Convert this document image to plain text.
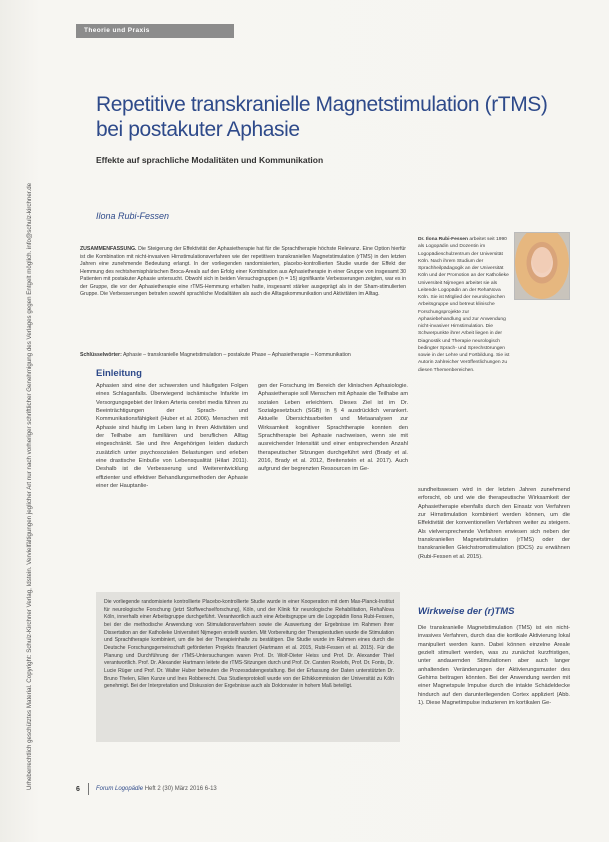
Urheberrechtlich geschütztes Material. Copyright: Schulz-Kirchner Verlag, Idstein. Vervielfältigungen jeglicher Art nur nach vorheriger schriftlicher Genehmigung des Verlages gegen Entgelt möglich. info@schulz-kirchner.de
Theorie und Praxis
Repetitive transkranielle Magnetstimulation (rTMS) bei postakuter Aphasie
Effekte auf sprachliche Modalitäten und Kommunikation
Ilona Rubi-Fessen
ZUSAMMENFASSUNG. Die Steigerung der Effektivität der Aphasietherapie hat für die Sprachtherapie höchste Relevanz. Eine Option hierfür ist die Kombination mit nicht-invasiven Hirnstimulationsverfahren wie der repetitiven transkraniellen Magnetstimulation (rTMS) in den letzten Jahren eine zunehmende Bedeutung erlangt. In der vorliegenden randomisierten, placebo-kontrollierten Studie wurde der Effekt der Hemmung des rechtshemisphärischen Broca-Areals auf den Erfolg einer Kombination aus Aphasietherapie in einer Gruppe von insgesamt 30 Patienten mit postakuter Aphasie untersucht. Obwohl sich in beiden Versuchsgruppen (n = 15) signifikante Verbesserungen zeigten, war es in der Gruppe, die vor der Aphasietherapie eine rTMS-Hemmung erhalten hatte, insgesamt stärker ausgeprägt als in der Sham-stimulierten Gruppe. Die Verbesserungen betrafen sowohl sprachliche Modalitäten als auch die Alltagskommunikation und Aktivitäten im Alltag.
Schlüsselwörter: Aphasie – transkranielle Magnetstimulation – postakute Phase – Aphasietherapie – Kommunikation
Dr. Ilona Rubi-Fessen arbeitet seit 1990 als Logopädin und Dozentin im Logopädieschulzentrum der Universität Köln. Nach ihrem Studium der Sprachheilpädagogik an der Universität Köln und der Promotion an der Katholieke Universiteit Nijmegen arbeitet sie als Leitende Logopädin an der RehaNova Köln. Sie ist Mitglied der neurologischen Arbeitsgruppe und betreut klinische Forschungsprojekte zur Aphasiebehandlung und zur Anwendung nicht-invasiver Hirnstimulation. Die Schwerpunkte ihrer Arbeit liegen in der Diagnostik und Therapie neurologisch bedingter Sprach- und Sprechstörungen sowie in der Lehre und Fortbildung. Sie ist Autorin zahlreicher Veröffentlichungen zu diesen Themenbereichen.
Einleitung
Aphasien sind eine der schwersten und häufigsten Folgen eines Schlaganfalls. Überwiegend ischämische Infarkte im Versorgungsgebiet der linken Arteria cerebri media führen zu Beeinträchtigungen der Sprach- und Kommunikationsfähigkeit (Huber et al. 2006). Menschen mit Aphasie sind häufig im Leben lang in ihren Aktivitäten und der Teilhabe am familiären und beruflichen Alltag eingeschränkt. Sie und ihre Angehörigen leiden dadurch zusätzlich unter psychosozialen Belastungen und erleben eine drastische Einbuße von Lebensqualität (Hilari 2011). Deshalb ist die Verbesserung und Weiterentwicklung effizienter und effektiver Behandlungsmethoden der Aphasie einer der Hauptanlie-
gen der Forschung im Bereich der klinischen Aphasiologie. Aphasietherapie soll Menschen mit Aphasie die Teilhabe am sozialen Leben erleichtern. Dieses Ziel ist im Dr. Sozialgesetzbuch (SGB) in § 4 ausdrücklich verankert. Aktuelle Übersichtsarbeiten und Metaanalysen zur Wirksamkeit kognitiver Sprachtherapie konnten den Sprachtherapie bei Aphasie nachweisen, wenn sie mit ausreichender Intensität und einer entsprechenden Anzahl therapeutischer Sitzungen durchgeführt wird (Brady et al. 2016, Brady et al. 2012, Breitenstein et al. 2017). Auch aufgrund der begrenzten Ressourcen im Ge-
sundheitswesen wird in der letzten Jahren zunehmend erforscht, ob und wie die therapeutische Wirksamkeit der Aphasietherapie ebenfalls durch den Einsatz von Verfahren zur Hirnstimulation kombiniert werden können, um die Effektivität der konventionellen Verfahren weiter zu steigern. Als vielversprechende Verfahren erwiesen sich neben der transkraniellen Magnetstimulation (rTMS) oder der transkraniellen Gleichstromstimulation (tDCS) zu erwähnen (Rubi-Fessen et al. 2015).
Wirkweise der (r)TMS
Die transkranielle Magnetstimulation (TMS) ist ein nicht-invasives Verfahren, durch das die kortikale Aktivierung lokal manipuliert werden kann. Dabei können einzelne Areale gezielt stimuliert werden, was zu zunächst kurzfristigen, unter andauernden Stimulationen aber auch langer anhaltenden Veränderungen der Aktivierungsmuster des Gehirns beitragen könnten. Bei der Anwendung werden mit einer Magnetspule Impulse durch die intakte Schädeldecke hindurch auf den darunterliegenden Cortex appliziert (Abb. 1). Diese Magnetimpulse induzieren im kortikalen Ge-
Die vorliegende randomisierte kontrollierte Placebo-kontrollierte Studie wurde in einer Kooperation mit dem Max-Planck-Institut für neurologische Forschung (jetzt Stoffwechselforschung), Köln, und der Klinik für neurologische Rehabilitation, RehaNova Köln, innerhalb einer Arbeitsgruppe durchgeführt. Verantwortlich auch eine Arbeitsgruppe um die Logopädin Ilona Rubi-Fessen, bei der die methodische Anwendung von Stimulationsverfahren sowie die Auswertung der Ergebnisse im Rahmen ihrer Dissertation an der Katholieke Universiteit Nijmegen erstellt wurden. Mit Vorbereitung der Therapiestudien wurde die Stimulation und Sprachtherapie kombiniert, um die bei der Therapieinhalte zu bestätigen. Die Studie wurde im Rahmen eines durch die Deutsche Forschungsgemeinschaft geförderten Projekts finanziert (Hartmann et al. 2015, Rubi-Fessen et al. 2015). Für die Planung und Durchführung der rTMS-Untersuchungen waren Prof. Dr. Wolf-Dieter Heiss und Prof. Dr. Alexander Thiel verantwortlich. Prof. Dr. Alexander Hartmann leitete die rTMS-Sitzungen durch und Prof. Dr. Carsten Roelofs, Prof. Dr. Fonts, Dr. Lucie Rüger und Prof. Dr. Walter Huber betreuten die Prozessdatengestaltung. Bei der Erfassung der Daten unterstützten Dr. Bruno Thelen, Ellen Kunze und Ines Robberecht. Das Studienprotokoll wurde von der Ethikkommission der Universität zu Köln genehmigt. Bei der Interpretation und Diskussion der Ergebnisse auch als Doktorvater in hohem Maß beteiligt.
6	Forum Logopädie Heft 2 (30) März 2016 6-13
